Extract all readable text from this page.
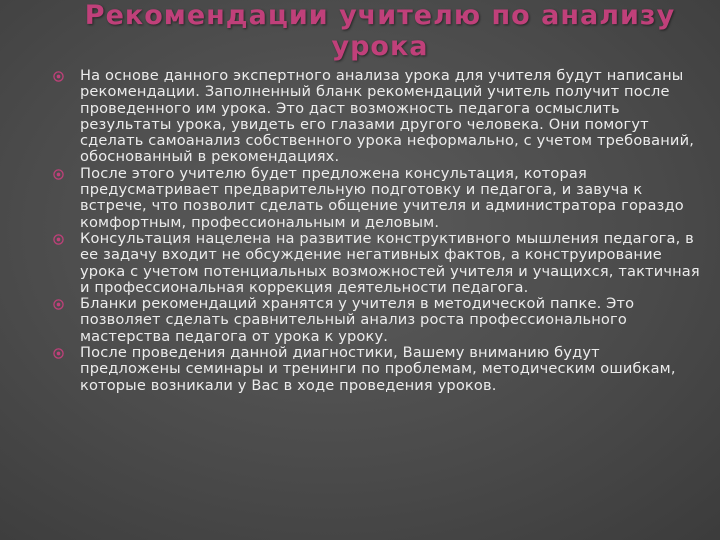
Рекомендации учителю по анализу
урока
На основе данного экспертного анализа урока для учителя будут написаны рекомендации. Заполненный бланк рекомендаций учитель получит после проведенного им урока. Это даст возможность педагога осмыслить результаты урока, увидеть его глазами другого человека. Они помогут сделать самоанализ собственного урока неформально, с учетом требований, обоснованный в рекомендациях.
После этого учителю будет предложена консультация, которая предусматривает предварительную подготовку и педагога, и завуча к встрече, что позволит сделать общение учителя и администратора гораздо комфортным, профессиональным и деловым.
Консультация нацелена на развитие конструктивного мышления педагога, в ее задачу входит не обсуждение негативных фактов, а конструирование урока с учетом потенциальных возможностей учителя и учащихся, тактичная и профессиональная коррекция деятельности педагога.
Бланки рекомендаций хранятся у учителя в методической папке. Это позволяет сделать сравнительный анализ роста профессионального мастерства педагога от урока к уроку.
После проведения данной диагностики, Вашему вниманию будут предложены семинары и тренинги по проблемам, методическим ошибкам, которые возникали у Вас в ходе проведения уроков.
